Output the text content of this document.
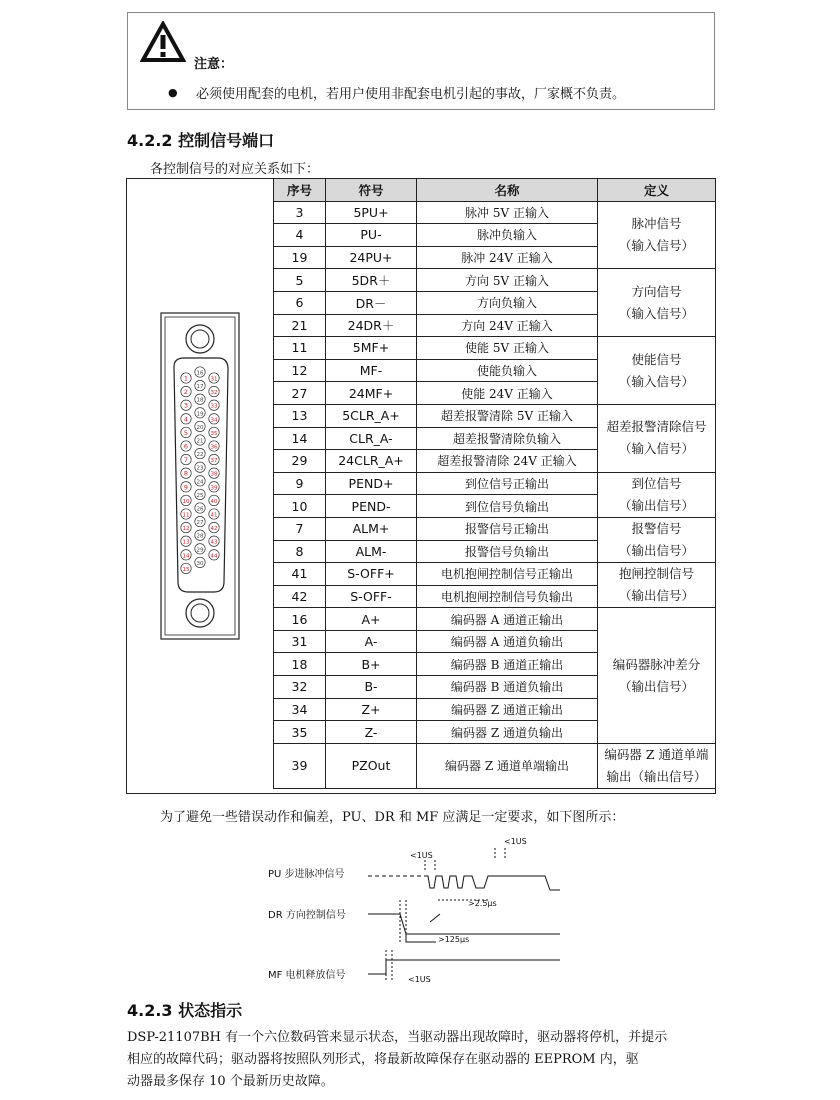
注意：
● 必须使用配套的电机，若用户使用非配套电机引起的事故，厂家概不负责。
4.2.2 控制信号端口
各控制信号的对应关系如下：
1
2
3
4
5
6
7
8
9
10
11
12
13
14
15
16
17
18
19
20
21
22
23
24
25
26
27
28
29
30
31
32
33
34
35
36
37
38
39
40
41
42
43
44
序号	符号	名称	定义
3	5PU+	脉冲 5V 正输入	脉冲信号
（输入信号）
4	PU-	脉冲负输入	
19	24PU+	脉冲 24V 正输入	
5	5DR＋	方向 5V 正输入	方向信号
（输入信号）
6	DR－	方向负输入	
21	24DR＋	方向 24V 正输入	
11	5MF+	使能 5V 正输入	使能信号
（输入信号）
12	MF-	使能负输入	
27	24MF+	使能 24V 正输入	
13	5CLR_A+	超差报警清除 5V 正输入	超差报警清除信号
（输入信号）
14	CLR_A-	超差报警清除负输入	
29	24CLR_A+	超差报警清除 24V 正输入	
9	PEND+	到位信号正输出	到位信号
（输出信号）
10	PEND-	到位信号负输出	
7	ALM+	报警信号正输出	报警信号
（输出信号）
8	ALM-	报警信号负输出	
41	S-OFF+	电机抱闸控制信号正输出	抱闸控制信号
（输出信号）
42	S-OFF-	电机抱闸控制信号负输出	
16	A+	编码器 A 通道正输出	编码器脉冲差分
（输出信号）
31	A-	编码器 A 通道负输出	
18	B+	编码器 B 通道正输出	
32	B-	编码器 B 通道负输出	
34	Z+	编码器 Z 通道正输出	
35	Z-	编码器 Z 通道负输出	
39	PZOut	编码器 Z 通道单端输出	编码器 Z 通道单端
输出（输出信号）
为了避免一些错误动作和偏差，PU、DR 和 MF 应满足一定要求，如下图所示：
PU 步进脉冲信号
DR 方向控制信号
MF 电机释放信号
<1US
<1US
>2.5μs
>125μs
<1US
4.2.3 状态指示
DSP-21107BH 有一个六位数码管来显示状态，当驱动器出现故障时，驱动器将停机，并提示
相应的故障代码；驱动器将按照队列形式，将最新故障保存在驱动器的 EEPROM 内，驱
动器最多保存 10 个最新历史故障。
